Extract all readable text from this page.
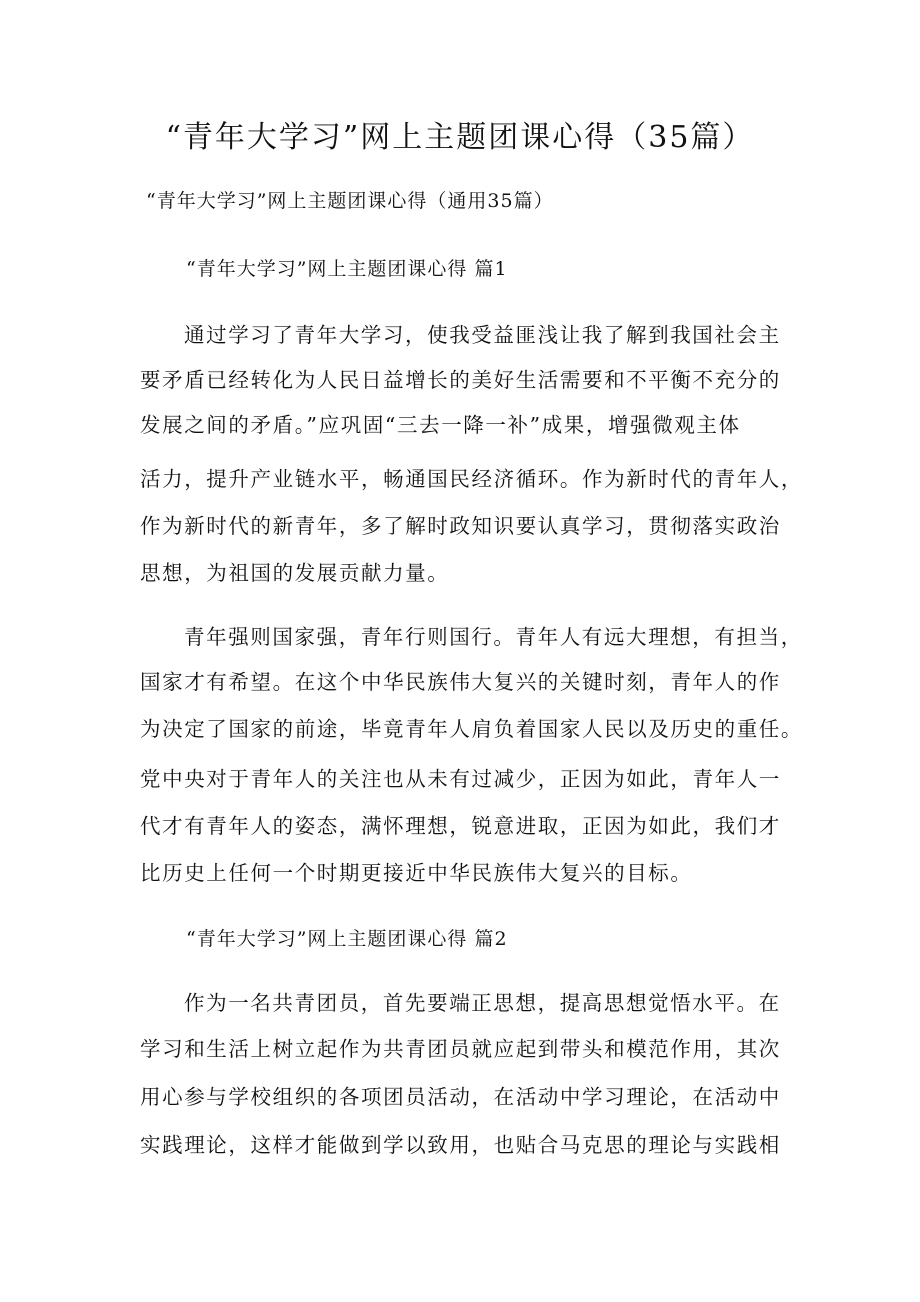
“青年大学习”网上主题团课心得（35篇）
“青年大学习”网上主题团课心得（通用35篇）
“青年大学习”网上主题团课心得 篇1
通过学习了青年大学习，使我受益匪浅让我了解到我国社会主
要矛盾已经转化为人民日益增长的美好生活需要和不平衡不充分的
发展之间的矛盾。”应巩固“三去一降一补”成果，增强微观主体
活力，提升产业链水平，畅通国民经济循环。作为新时代的青年人，
作为新时代的新青年，多了解时政知识要认真学习，贯彻落实政治
思想，为祖国的发展贡献力量。
青年强则国家强，青年行则国行。青年人有远大理想，有担当，
国家才有希望。在这个中华民族伟大复兴的关键时刻，青年人的作
为决定了国家的前途，毕竟青年人肩负着国家人民以及历史的重任。
党中央对于青年人的关注也从未有过减少，正因为如此，青年人一
代才有青年人的姿态，满怀理想，锐意进取，正因为如此，我们才
比历史上任何一个时期更接近中华民族伟大复兴的目标。
“青年大学习”网上主题团课心得 篇2
作为一名共青团员，首先要端正思想，提高思想觉悟水平。在
学习和生活上树立起作为共青团员就应起到带头和模范作用，其次
用心参与学校组织的各项团员活动，在活动中学习理论，在活动中
实践理论，这样才能做到学以致用，也贴合马克思的理论与实践相
